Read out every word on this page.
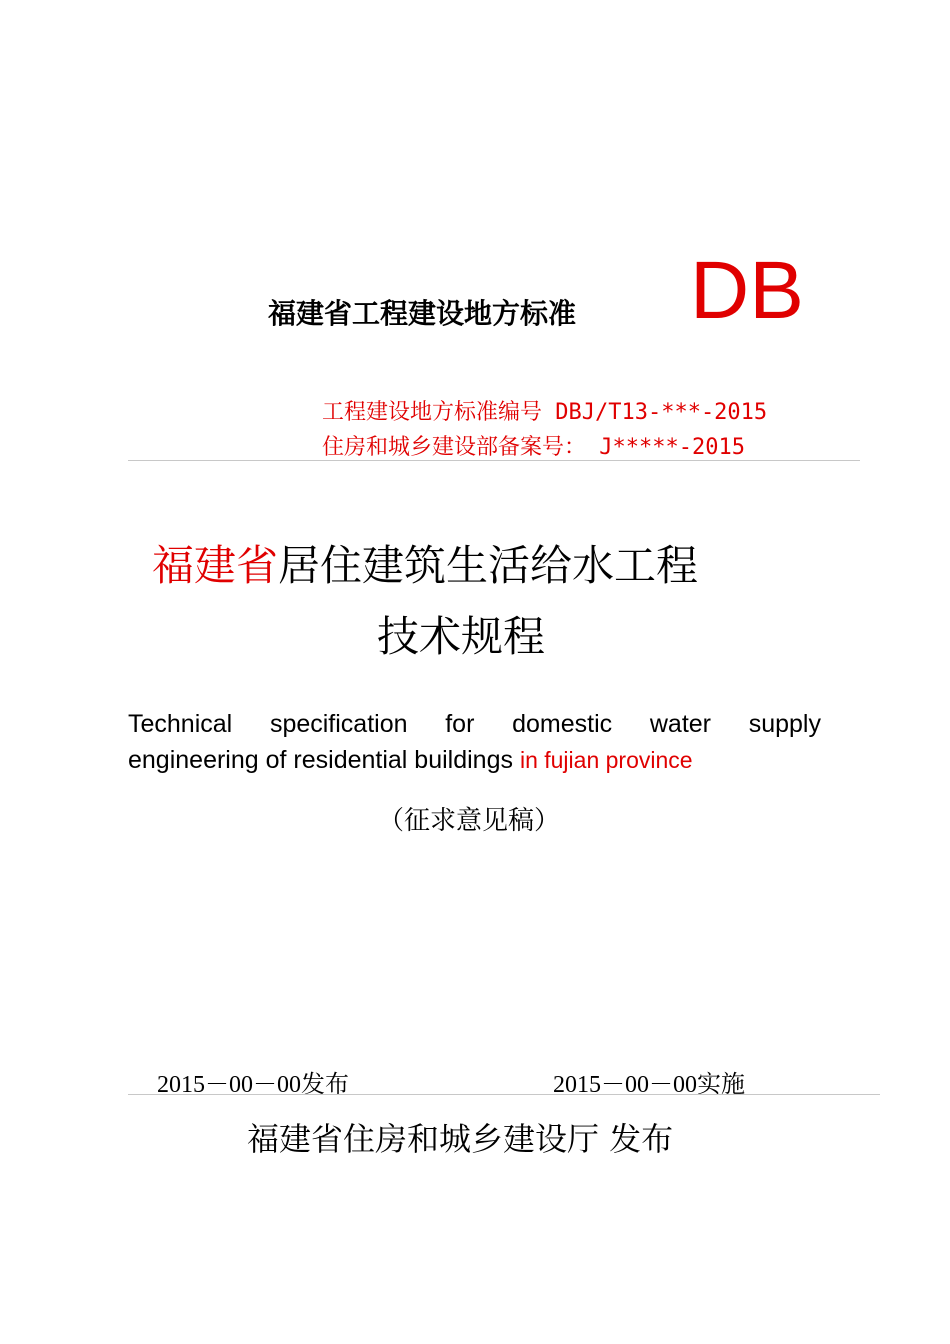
福建省工程建设地方标准 DB
工程建设地方标准编号 DBJ/T13-***-2015
住房和城乡建设部备案号： J*****-2015
福建省居住建筑生活给水工程
技术规程
Technical specification for domestic water supply
engineering of residential buildings in fujian province
（征求意见稿）
2015－00－00发布	2015－00－00实施
福建省住房和城乡建设厅 发布
